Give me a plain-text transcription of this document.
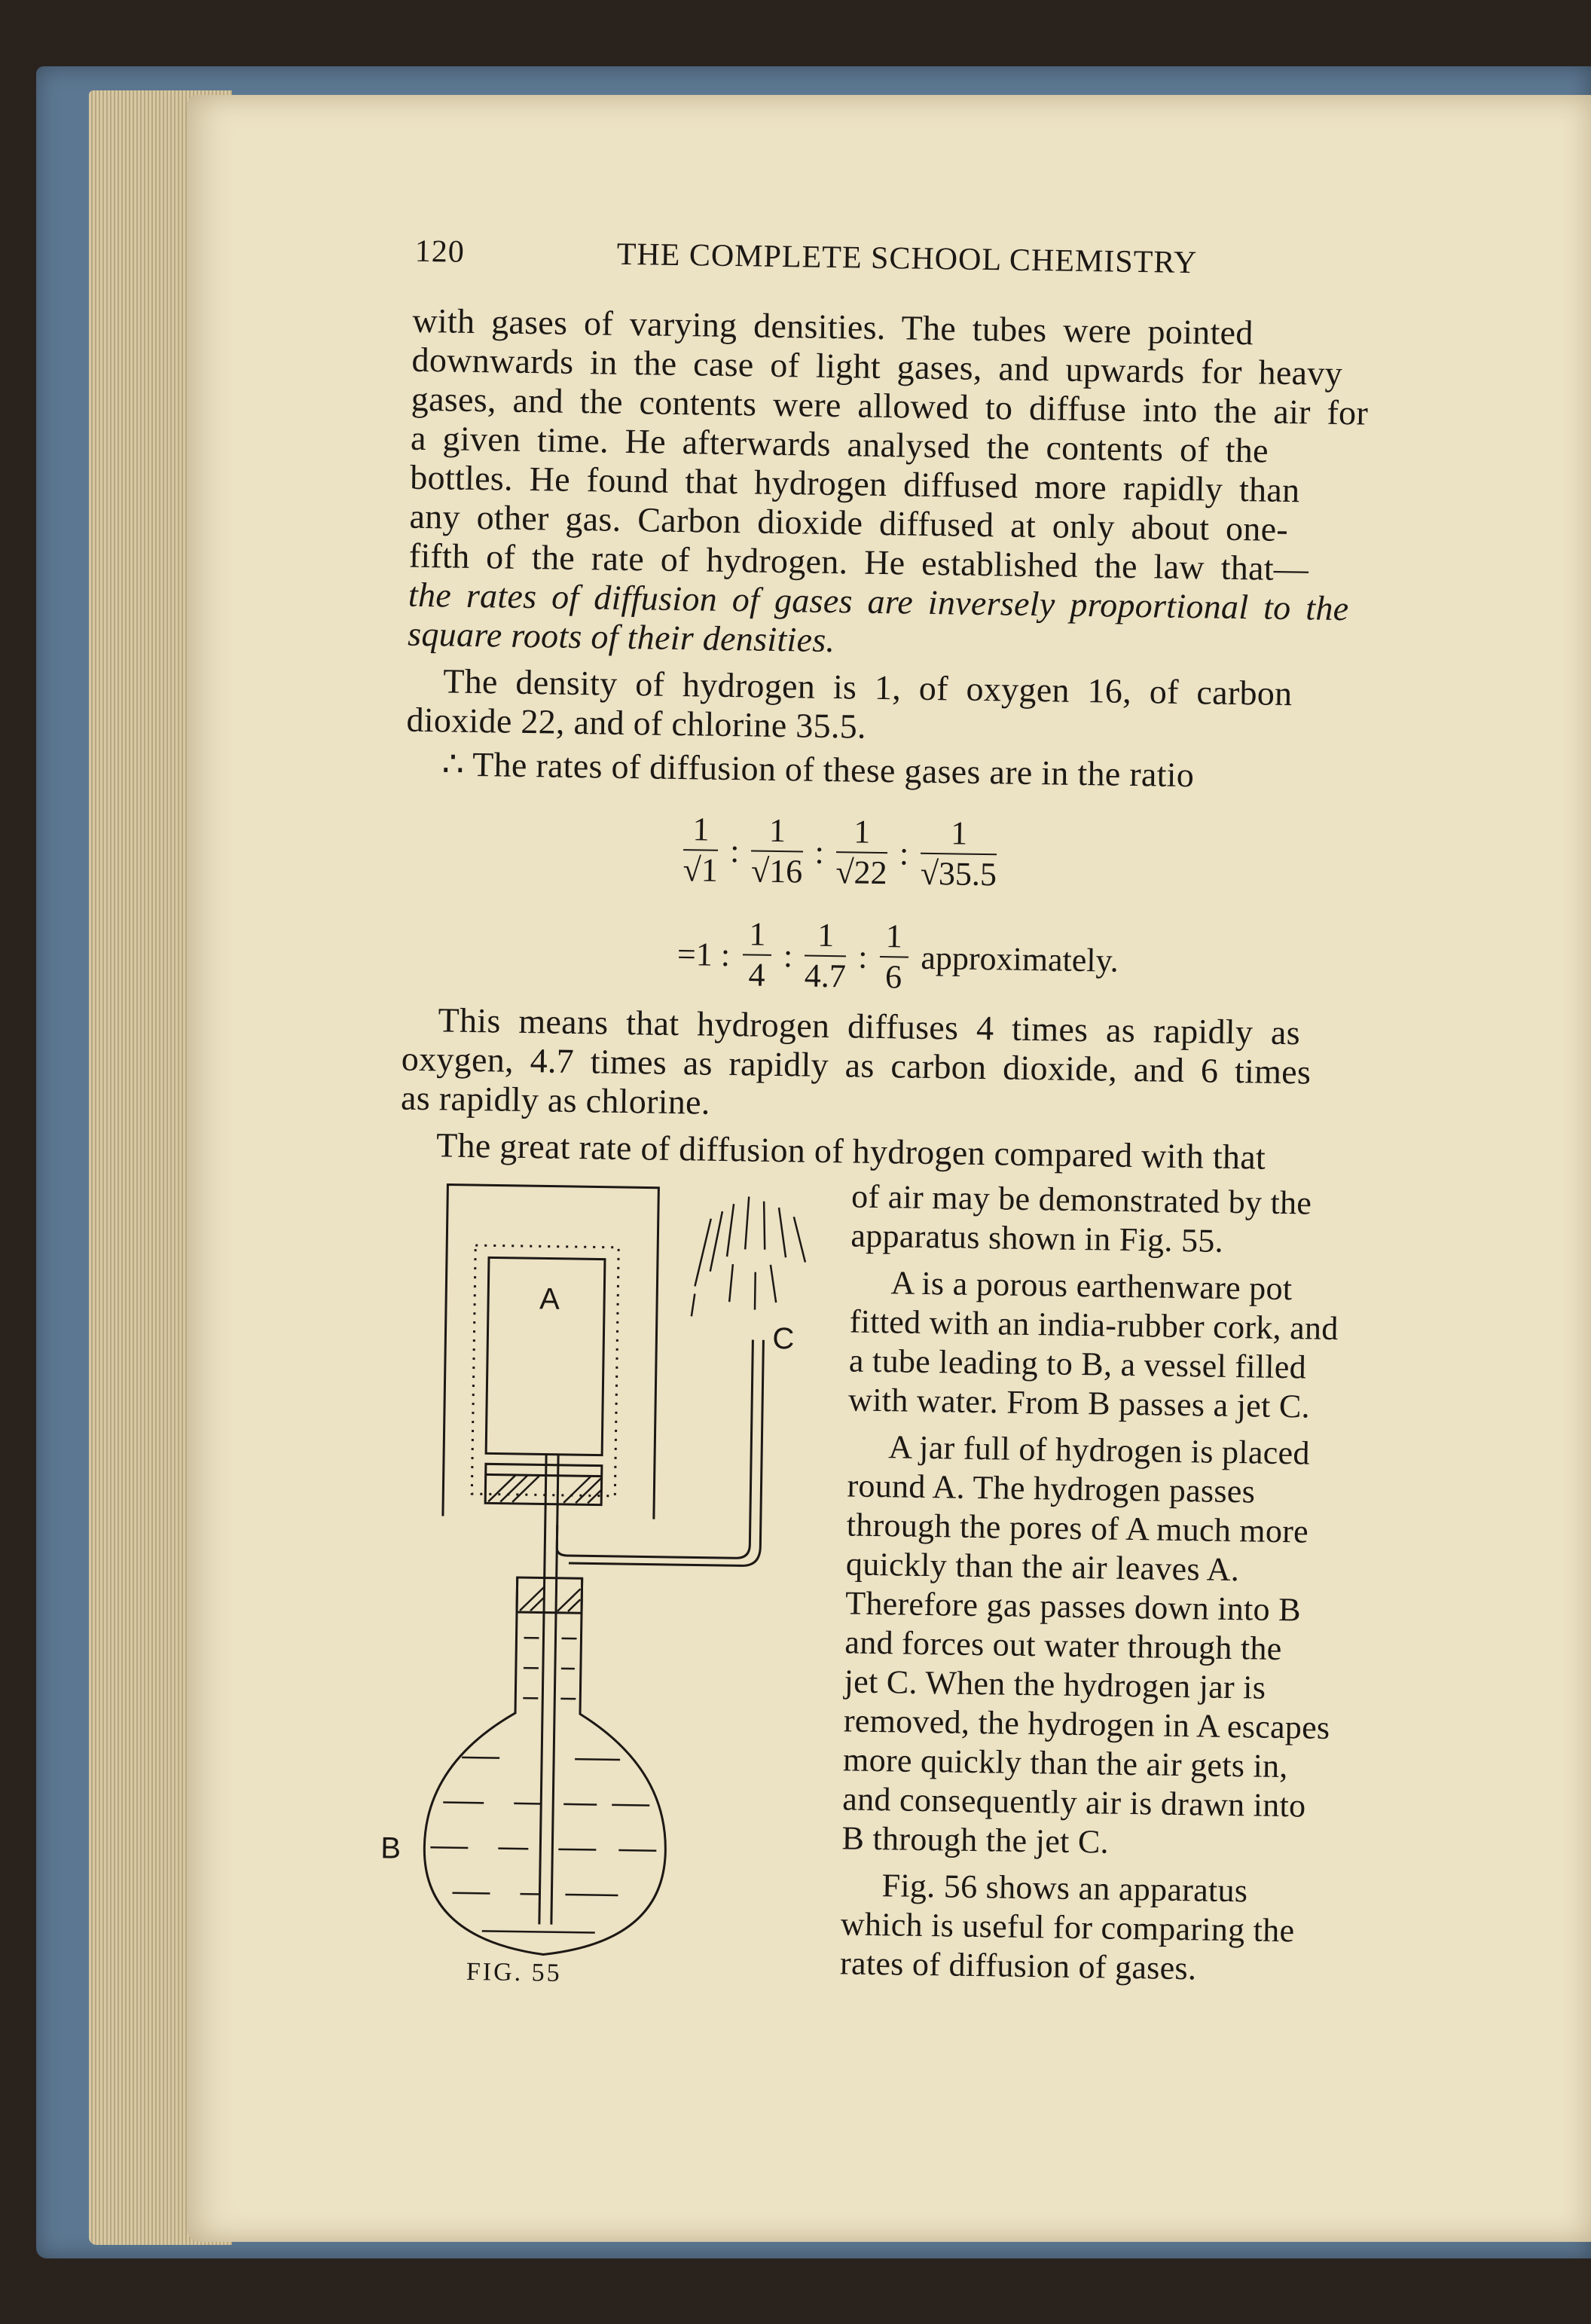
120	THE COMPLETE SCHOOL CHEMISTRY
with gases of varying densities. The tubes were pointed
downwards in the case of light gases, and upwards for heavy
gases, and the contents were allowed to diffuse into the air for
a given time. He afterwards analysed the contents of the
bottles. He found that hydrogen diffused more rapidly than
any other gas. Carbon dioxide diffused at only about one-
fifth of the rate of hydrogen. He established the law that—
the rates of diffusion of gases are inversely proportional to the
square roots of their densities.
The density of hydrogen is 1, of oxygen 16, of carbon
dioxide 22, and of chlorine 35.5.
∴ The rates of diffusion of these gases are in the ratio
$\frac{1}{√1}$ : $\frac{1}{√16}$ : $\frac{1}{√22}$ : $\frac{1}{√35.5}$
=1 : $\frac{1}{4}$ : $\frac{1}{4.7}$ : $\frac{1}{6}$ approximately.
This means that hydrogen diffuses 4 times as rapidly as
oxygen, 4.7 times as rapidly as carbon dioxide, and 6 times
as rapidly as chlorine.
The great rate of diffusion of hydrogen compared with that
of air may be demonstrated by the
apparatus shown in Fig. 55.
A is a porous earthenware pot
fitted with an india-rubber cork, and
a tube leading to B, a vessel filled
with water. From B passes a jet C.
A jar full of hydrogen is placed
round A. The hydrogen passes
through the pores of A much more
quickly than the air leaves A.
Therefore gas passes down into B
and forces out water through the
jet C. When the hydrogen jar is
removed, the hydrogen in A escapes
more quickly than the air gets in,
and consequently air is drawn into
B through the jet C.
Fig. 56 shows an apparatus
which is useful for comparing the
rates of diffusion of gases.
A
C
B
FIG. 55
